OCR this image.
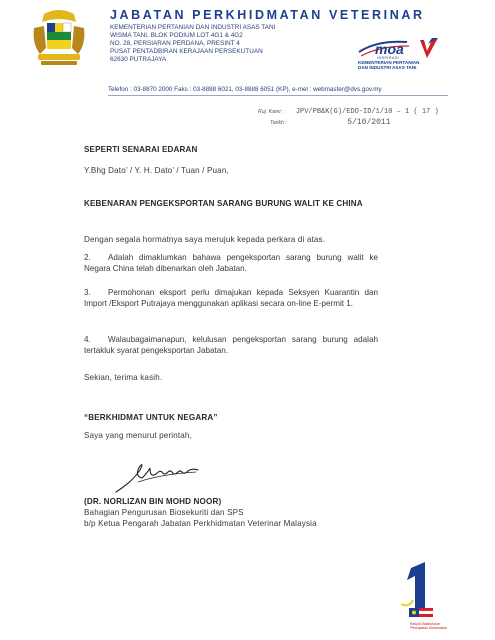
JABATAN PERKHIDMATAN VETERINAR
KEMENTERIAN PERTANIAN DAN INDUSTRI ASAS TANI
WISMA TANI, BLOK PODIUM LOT 4G1 & 4G2
NO. 28, PERSIARAN PERDANA, PRESINT 4
PUSAT PENTADBIRAN KERAJAAN PERSEKUTUAN
62630 PUTRAJAYA
moa
INSPIRASI
KEMENTERIAN PERTANIAN
DAN INDUSTRI ASAS TANI
Telefon : 03-8870 2000 Faks : 03-8888 6021, 03-8888 6051 (KP), e-mel : webmaster@dvs.gov.my
Ruj. Kami : JPV/PB&K(G)/EDO-ID/1/10 – 1 ( 17 )
Tarikh :	5/10/2011
SEPERTI SENARAI EDARAN
Y.Bhg Dato’ / Y. H. Dato’ / Tuan / Puan,
KEBENARAN PENGEKSPORTAN SARANG BURUNG WALIT KE CHINA
Dengan segala hormatnya saya merujuk kepada perkara di atas.
2. Adalah dimaklumkan bahawa pengeksportan sarang burung walit ke Negara China telah dibenarkan oleh Jabatan.
3. Permohonan eksport perlu dimajukan kepada Seksyen Kuarantin dan Import /Eksport Putrajaya menggunakan aplikasi secara on-line E-permit 1.
4. Walaubagaimanapun, kelulusan pengeksportan sarang burung adalah tertakluk syarat pengeksportan Jabatan.
Sekian, terima kasih.
“BERKHIDMAT UNTUK NEGARA”
Saya yang menurut perintah,
(DR. NORLIZAN BIN MOHD NOOR)
Bahagian Pengurusan Biosekuriti dan SPS
b/p Ketua Pengarah Jabatan Perkhidmatan Veterinar Malaysia
Rakyat Didahulukan
Pencapaian Diutamakan
